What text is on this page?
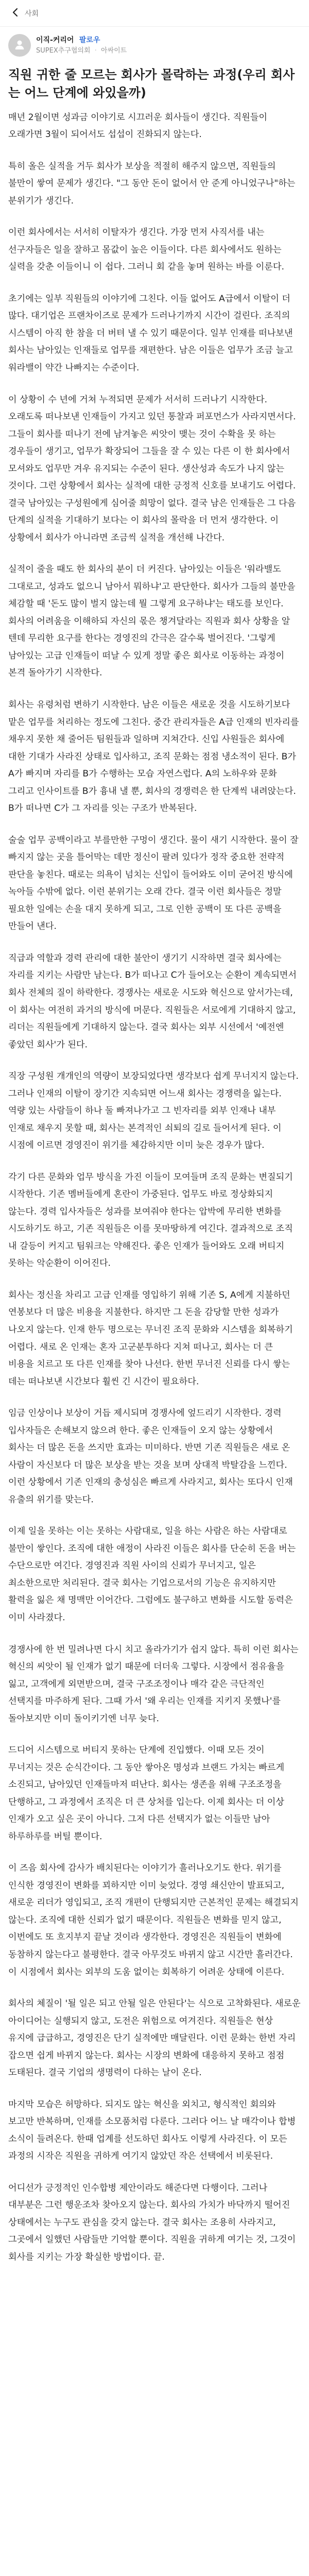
사회
이직-커리어 팔로우
SUPEX추구협의회 · 아싸이트
직원 귀한 줄 모르는 회사가 몰락하는 과정(우리 회사는 어느 단계에 와있을까)

매년 2월이면 성과금 이야기로 시끄러운 회사들이 생긴다. 직원들이 오래가면 3월이 되어서도 섭섭이 진화되지 않는다.

특히 올은 실적을 거두 회사가 보상을 적절히 해주지 않으면, 직원들의 불만이 쌓여 문제가 생긴다. "그 동안 돈이 없어서 안 준게 아니었구나"하는 분위기가 생긴다.

이런 회사에서는 서서히 이탈자가 생긴다. 가장 먼저 사직서를 내는 선구자들은 일을 잘하고 몸값이 높은 이들이다. 다른 회사에서도 원하는 실력을 갖춘 이들이니 이 쉽다. 그러니 회 같을 놓며 원하는 바를 이룬다.

초기에는 일부 직원들의 이야기에 그친다. 이들 없어도 A급에서 이탈이 더 많다. 대기업은 프랜차이즈로 문제가 드러나기까지 시간이 걸린다. 조직의 시스템이 아직 한 참을 더 버텨 낼 수 있기 때문이다. 일부 인재를 떠나보낸 회사는 남아있는 인재들로 업무를 재편한다. 남은 이들은 업무가 조금 늘고 워라밸이 약간 나빠지는 수준이다.

이 상황이 수 년에 거쳐 누적되면 문제가 서서히 드러나기 시작한다. 오래도록 떠나보낸 인재들이 가지고 있던 통찰과 퍼포먼스가 사라지면서다. 그들이 회사를 떠나기 전에 남겨놓은 씨앗이 맺는 것이 수확을 못 하는 경우들이 생기고, 업무가 확장되어 그들을 잘 수 있는 다른 이 한 회사에서 모셔와도 업무만 겨우 유지되는 수준이 된다. 생산성과 속도가 나지 않는 것이다. 그런 상황에서 회사는 실적에 대한 긍정적 신호를 보내기도 어렵다. 결국 남아있는 구성원에게 심어줄 희망이 없다. 결국 남은 인재들은 그 다음 단계의 실적을 기대하기 보다는 이 회사의 몰락을 더 먼저 생각한다. 이 상황에서 회사가 아니라면 조금씩 실적을 개선해 나간다.

실적이 줄을 때도 한 회사의 분이 더 커진다. 남아있는 이들은 '워라밸도 그대로고, 성과도 없으니 남아서 뭐하냐'고 판단한다. 회사가 그들의 불만을 체감할 때 '돈도 많이 벌지 않는데 뭘 그렇게 요구하냐'는 태도를 보인다. 회사의 어려움을 이해하되 자신의 몫은 챙겨달라는 직원과 회사 상황을 알 텐데 무리한 요구를 한다는 경영진의 간극은 갈수록 벌어진다. '그렇게 남아있는 고급 인재들이 떠날 수 있게 정말 좋은 회사로 이동하는 과정이 본격 돌아가기 시작한다.

회사는 유령처럼 변하기 시작한다. 남은 이들은 새로운 것을 시도하기보다 맡은 업무를 처리하는 정도에 그친다. 중간 관리자들은 A급 인재의 빈자리를 채우지 못한 채 줄어든 팀원들과 일하며 지쳐간다. 신입 사원들은 회사에 대한 기대가 사라진 상태로 입사하고, 조직 문화는 점점 냉소적이 된다. B가 A가 빠지며 자리를 B가 수행하는 모습 자연스럽다. A의 노하우와 문화 그리고 인사이트를 B가 흉내 낼 뿐, 회사의 경쟁력은 한 단계씩 내려앉는다. B가 떠나면 C가 그 자리를 잇는 구조가 반복된다.

술술 업무 공백이라고 부를만한 구멍이 생긴다. 물이 새기 시작한다. 물이 잘 빠지지 않는 곳을 틀어막는 데만 정신이 팔려 있다가 정작 중요한 전략적 판단을 놓친다. 때로는 의욕이 넘치는 신입이 들어와도 이미 굳어진 방식에 녹아들 수밖에 없다. 이런 분위기는 오래 간다. 결국 이런 회사들은 정말 필요한 일에는 손을 대지 못하게 되고, 그로 인한 공백이 또 다른 공백을 만들어 낸다.

직급과 역할과 경력 관리에 대한 불안이 생기기 시작하면 결국 회사에는 자리를 지키는 사람만 남는다. B가 떠나고 C가 들어오는 순환이 계속되면서 회사 전체의 질이 하락한다. 경쟁사는 새로운 시도와 혁신으로 앞서가는데, 이 회사는 여전히 과거의 방식에 머문다. 직원들은 서로에게 기대하지 않고, 리더는 직원들에게 기대하지 않는다. 결국 회사는 외부 시선에서 '예전엔 좋았던 회사'가 된다.

직장 구성원 개개인의 역량이 보장되었다면 생각보다 쉽게 무너지지 않는다. 그러나 인재의 이탈이 장기간 지속되면 어느새 회사는 경쟁력을 잃는다. 역량 있는 사람들이 하나 둘 빠져나가고 그 빈자리를 외부 인재나 내부 인재로 채우지 못할 때, 회사는 본격적인 쇠퇴의 길로 들어서게 된다. 이 시점에 이르면 경영진이 위기를 체감하지만 이미 늦은 경우가 많다.

각기 다른 문화와 업무 방식을 가진 이들이 모여들며 조직 문화는 변질되기 시작한다. 기존 멤버들에게 혼란이 가중된다. 업무도 바로 정상화되지 않는다. 경력 입사자들은 성과를 보여줘야 한다는 압박에 무리한 변화를 시도하기도 하고, 기존 직원들은 이를 못마땅하게 여긴다. 결과적으로 조직 내 갈등이 커지고 팀워크는 약해진다. 좋은 인재가 들어와도 오래 버티지 못하는 악순환이 이어진다.

회사는 정신을 차리고 고급 인재를 영입하기 위해 기존 S, A에게 지불하던 연봉보다 더 많은 비용을 지불한다. 하지만 그 돈을 감당할 만한 성과가 나오지 않는다. 인재 한두 명으로는 무너진 조직 문화와 시스템을 회복하기 어렵다. 새로 온 인재는 혼자 고군분투하다 지쳐 떠나고, 회사는 더 큰 비용을 치르고 또 다른 인재를 찾아 나선다. 한번 무너진 신뢰를 다시 쌓는 데는 떠나보낸 시간보다 훨씬 긴 시간이 필요하다.

임금 인상이나 보상이 거듭 제시되며 경쟁사에 엎드리기 시작한다. 경력 입사자들은 손해보지 않으려 한다. 좋은 인재들이 오지 않는 상황에서 회사는 더 많은 돈을 쓰지만 효과는 미미하다. 반면 기존 직원들은 새로 온 사람이 자신보다 더 많은 보상을 받는 것을 보며 상대적 박탈감을 느낀다. 이런 상황에서 기존 인재의 충성심은 빠르게 사라지고, 회사는 또다시 인재 유출의 위기를 맞는다.

이제 일을 못하는 이는 못하는 사람대로, 일을 하는 사람은 하는 사람대로 불만이 쌓인다. 조직에 대한 애정이 사라진 이들은 회사를 단순히 돈을 버는 수단으로만 여긴다. 경영진과 직원 사이의 신뢰가 무너지고, 일은 최소한으로만 처리된다. 결국 회사는 기업으로서의 기능은 유지하지만 활력을 잃은 채 명맥만 이어간다. 그럼에도 불구하고 변화를 시도할 동력은 이미 사라졌다.

경쟁사에 한 번 밀려나면 다시 치고 올라가기가 쉽지 않다. 특히 이런 회사는 혁신의 씨앗이 될 인재가 없기 때문에 더더욱 그렇다. 시장에서 점유율을 잃고, 고객에게 외면받으며, 결국 구조조정이나 매각 같은 극단적인 선택지를 마주하게 된다. 그때 가서 '왜 우리는 인재를 지키지 못했나'를 돌아보지만 이미 돌이키기엔 너무 늦다.

드디어 시스템으로 버티지 못하는 단계에 진입했다. 이때 모든 것이 무너지는 것은 순식간이다. 그 동안 쌓아온 명성과 브랜드 가치는 빠르게 소진되고, 남아있던 인재들마저 떠난다. 회사는 생존을 위해 구조조정을 단행하고, 그 과정에서 조직은 더 큰 상처를 입는다. 이제 회사는 더 이상 인재가 오고 싶은 곳이 아니다. 그저 다른 선택지가 없는 이들만 남아 하루하루를 버틸 뿐이다.

이 즈음 회사에 감사가 배치된다는 이야기가 흘러나오기도 한다. 위기를 인식한 경영진이 변화를 꾀하지만 이미 늦었다. 경영 쇄신안이 발표되고, 새로운 리더가 영입되고, 조직 개편이 단행되지만 근본적인 문제는 해결되지 않는다. 조직에 대한 신뢰가 없기 때문이다. 직원들은 변화를 믿지 않고, 이번에도 또 흐지부지 끝날 것이라 생각한다. 경영진은 직원들이 변화에 동참하지 않는다고 불평한다. 결국 아무것도 바뀌지 않고 시간만 흘러간다. 이 시점에서 회사는 외부의 도움 없이는 회복하기 어려운 상태에 이른다.

회사의 체질이 '될 일은 되고 안될 일은 안된다'는 식으로 고착화된다. 새로운 아이디어는 실행되지 않고, 도전은 위험으로 여겨진다. 직원들은 현상 유지에 급급하고, 경영진은 단기 실적에만 매달린다. 이런 문화는 한번 자리 잡으면 쉽게 바뀌지 않는다. 회사는 시장의 변화에 대응하지 못하고 점점 도태된다. 결국 기업의 생명력이 다하는 날이 온다.

마지막 모습은 허망하다. 되지도 않는 혁신을 외치고, 형식적인 회의와 보고만 반복하며, 인재를 소모품처럼 다룬다. 그러다 어느 날 매각이나 합병 소식이 들려온다. 한때 업계를 선도하던 회사도 이렇게 사라진다. 이 모든 과정의 시작은 직원을 귀하게 여기지 않았던 작은 선택에서 비롯된다.

어디선가 긍정적인 인수합병 제안이라도 해준다면 다행이다. 그러나 대부분은 그런 행운조차 찾아오지 않는다. 회사의 가치가 바닥까지 떨어진 상태에서는 누구도 관심을 갖지 않는다. 결국 회사는 조용히 사라지고, 그곳에서 일했던 사람들만 기억할 뿐이다. 직원을 귀하게 여기는 것, 그것이 회사를 지키는 가장 확실한 방법이다. 끝.
